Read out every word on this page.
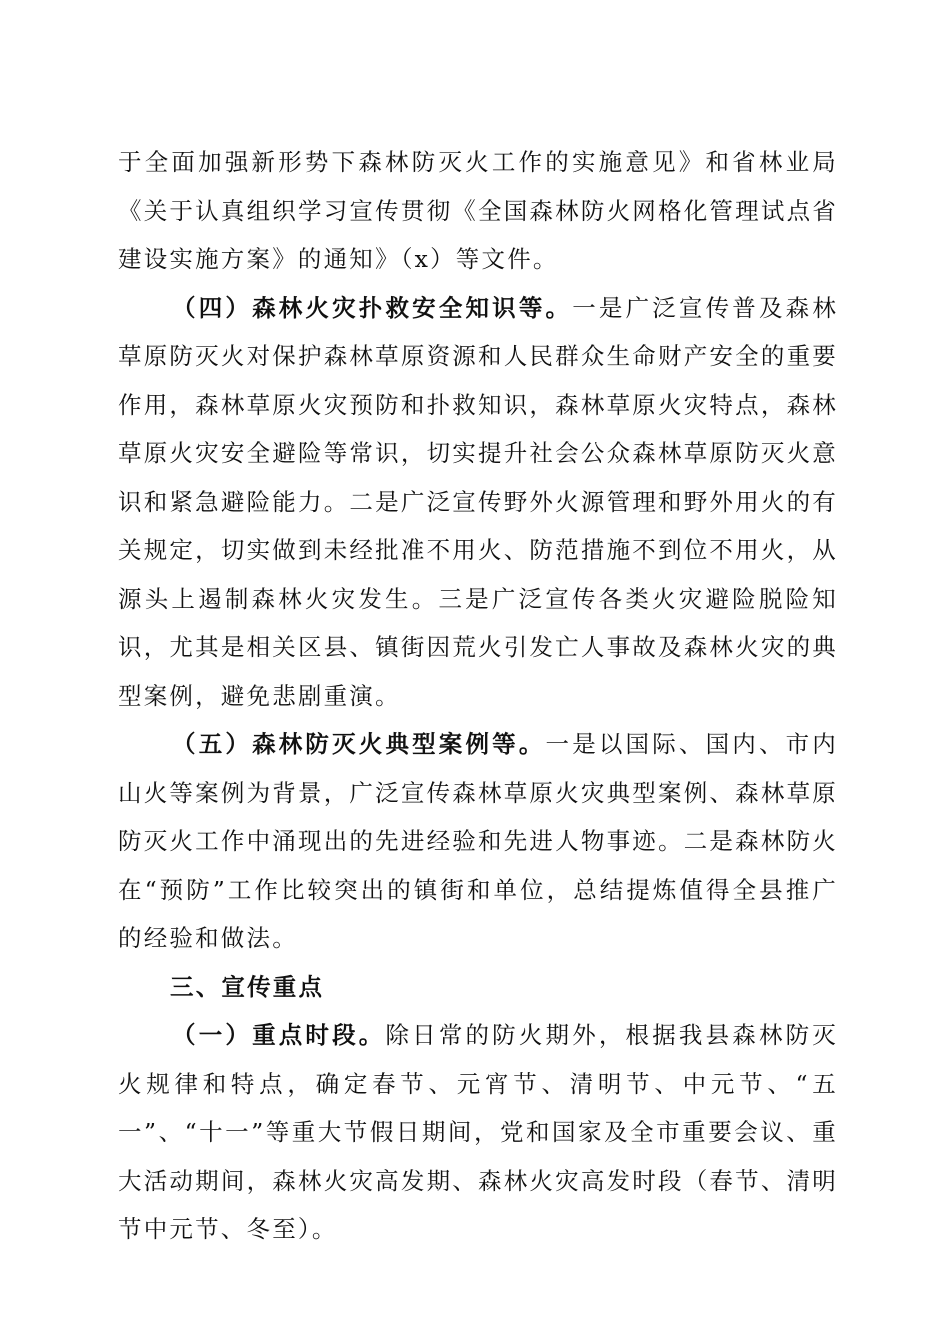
于全面加强新形势下森林防灭火工作的实施意见》和省林业局《关于认真组织学习宣传贯彻《全国森林防火网格化管理试点省建设实施方案》的通知》（x）等文件。

（四）森林火灾扑救安全知识等。一是广泛宣传普及森林草原防灭火对保护森林草原资源和人民群众生命财产安全的重要作用，森林草原火灾预防和扑救知识，森林草原火灾特点，森林草原火灾安全避险等常识，切实提升社会公众森林草原防灭火意识和紧急避险能力。二是广泛宣传野外火源管理和野外用火的有关规定，切实做到未经批准不用火、防范措施不到位不用火，从源头上遏制森林火灾发生。三是广泛宣传各类火灾避险脱险知识，尤其是相关区县、镇街因荒火引发亡人事故及森林火灾的典型案例，避免悲剧重演。

（五）森林防灭火典型案例等。一是以国际、国内、市内山火等案例为背景，广泛宣传森林草原火灾典型案例、森林草原防灭火工作中涌现出的先进经验和先进人物事迹。二是森林防火在“预防”工作比较突出的镇街和单位，总结提炼值得全县推广的经验和做法。

三、宣传重点

（一）重点时段。除日常的防火期外，根据我县森林防灭火规律和特点，确定春节、元宵节、清明节、中元节、“五一”、“十一”等重大节假日期间，党和国家及全市重要会议、重大活动期间，森林火灾高发期、森林火灾高发时段（春节、清明节中元节、冬至）。
